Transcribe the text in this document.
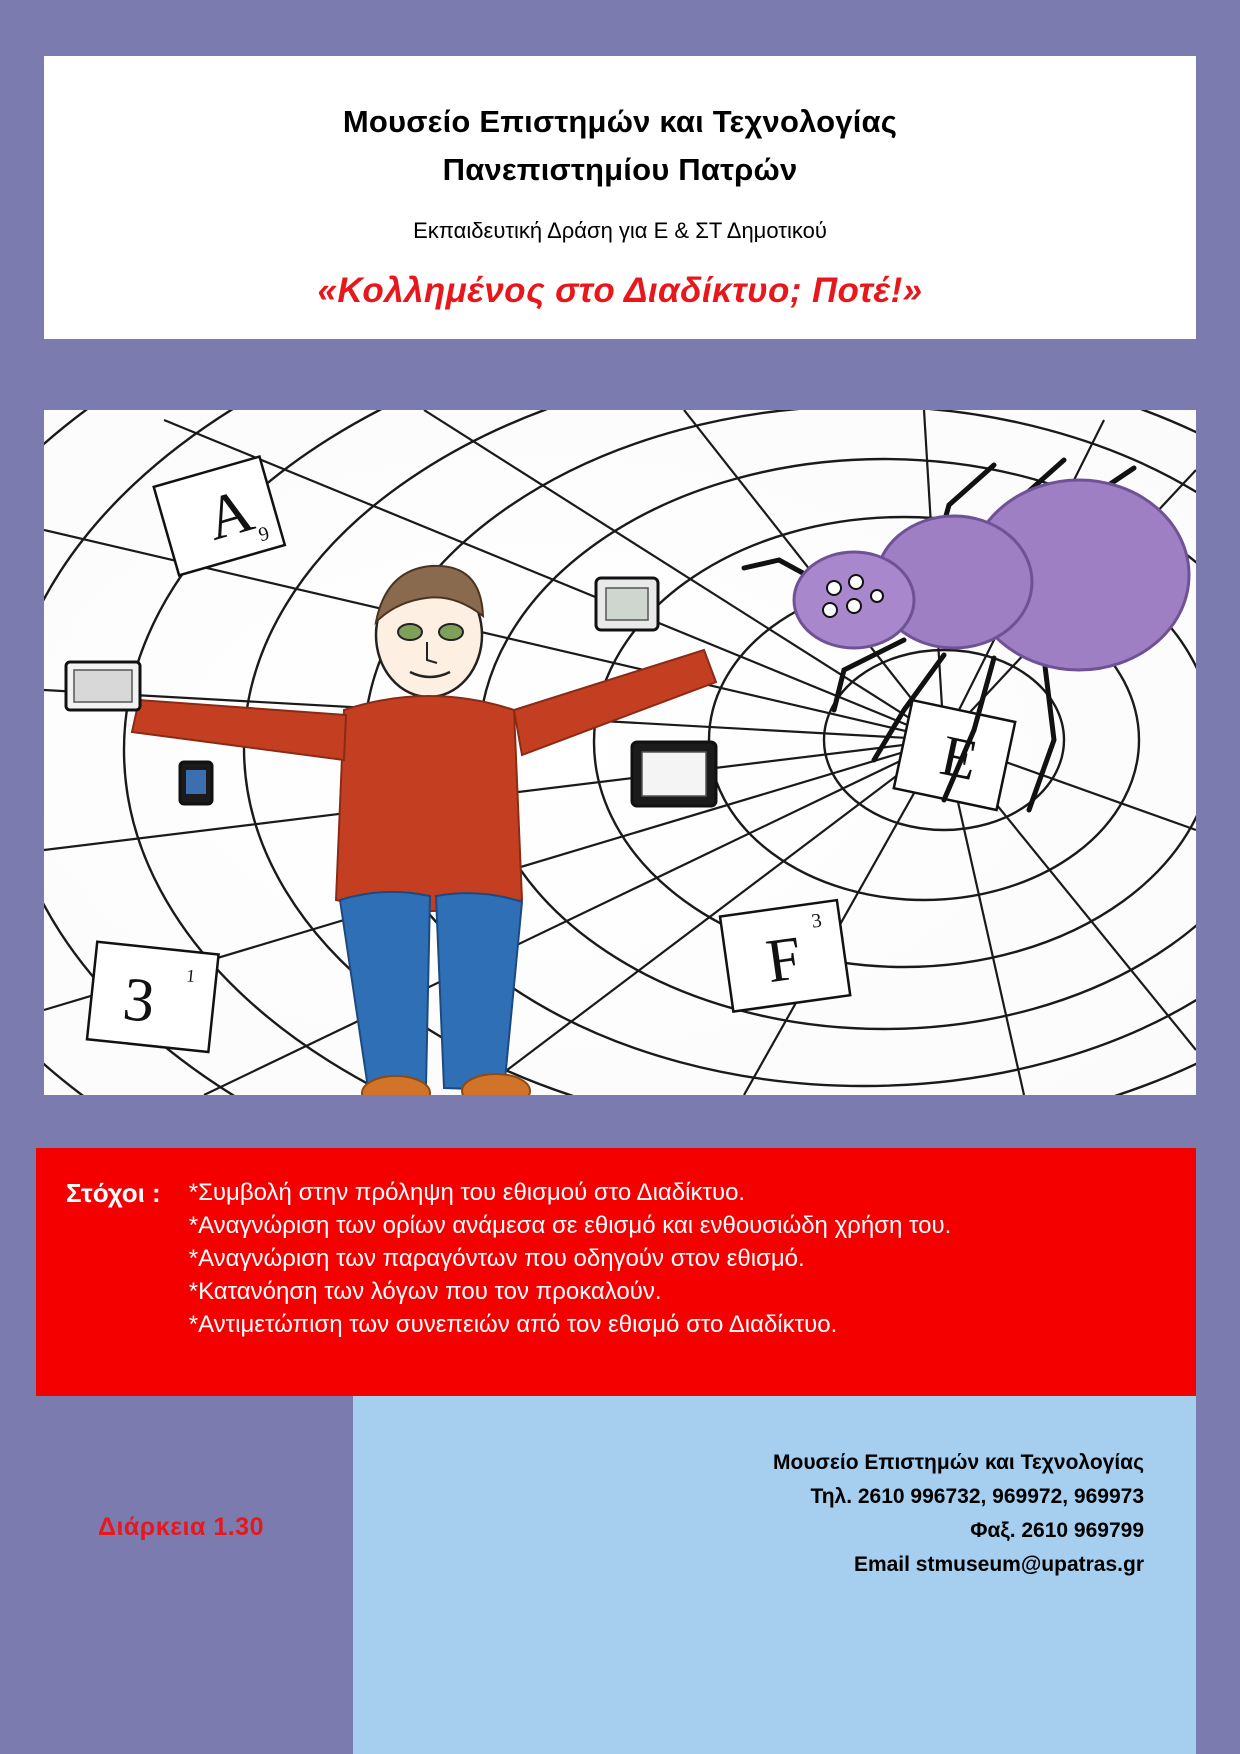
Μουσείο Επιστημών και Τεχνολογίας
Πανεπιστημίου Πατρών
Εκπαιδευτική Δράση για Ε & ΣΤ Δημοτικού
«Κολλημένος στο Διαδίκτυο; Ποτέ!»
A
9
E
F
3
3 1
Στόχοι : *Συμβολή στην πρόληψη του εθισμού στο Διαδίκτυο.
*Αναγνώριση των ορίων ανάμεσα σε εθισμό και ενθουσιώδη χρήση του.
*Αναγνώριση των παραγόντων που οδηγούν στον εθισμό.
*Κατανόηση των λόγων που τον προκαλούν.
*Αντιμετώπιση των συνεπειών από τον εθισμό στο Διαδίκτυο.
Μουσείο Επιστημών και Τεχνολογίας
Τηλ. 2610 996732, 969972, 969973
Φαξ. 2610 969799
Email stmuseum@upatras.gr
Διάρκεια 1.30
